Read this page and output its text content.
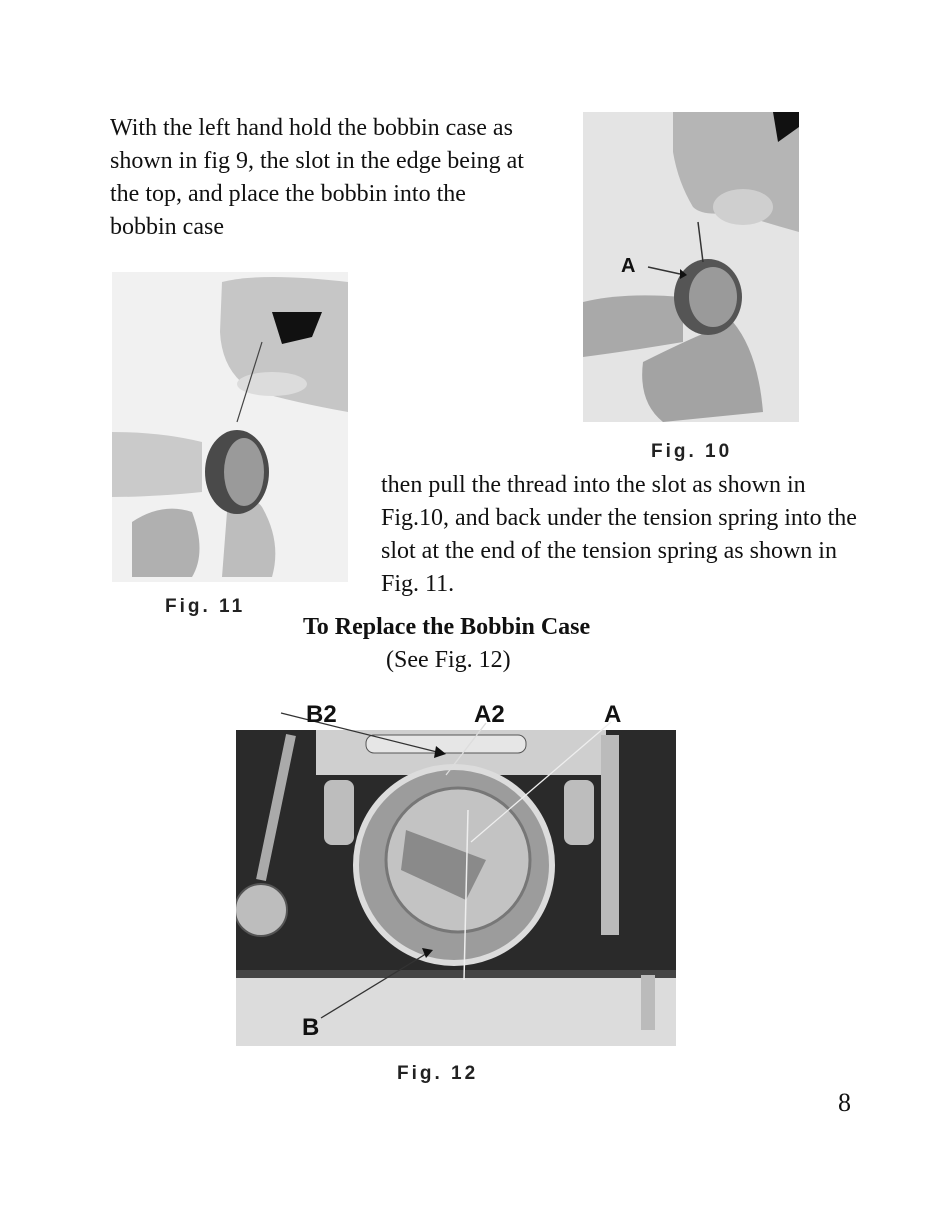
With the left hand hold the bobbin case as shown in fig 9, the slot in the edge being at the top, and place the bobbin into the bobbin case

A
Fig. 10
Fig. 11

then pull the thread into the slot as shown in Fig.10, and back under the tension spring into the slot at the end of the tension spring as shown in Fig. 11.

To Replace the Bobbin Case

(See Fig. 12)

B2	A2	A
B
Fig. 12
8
